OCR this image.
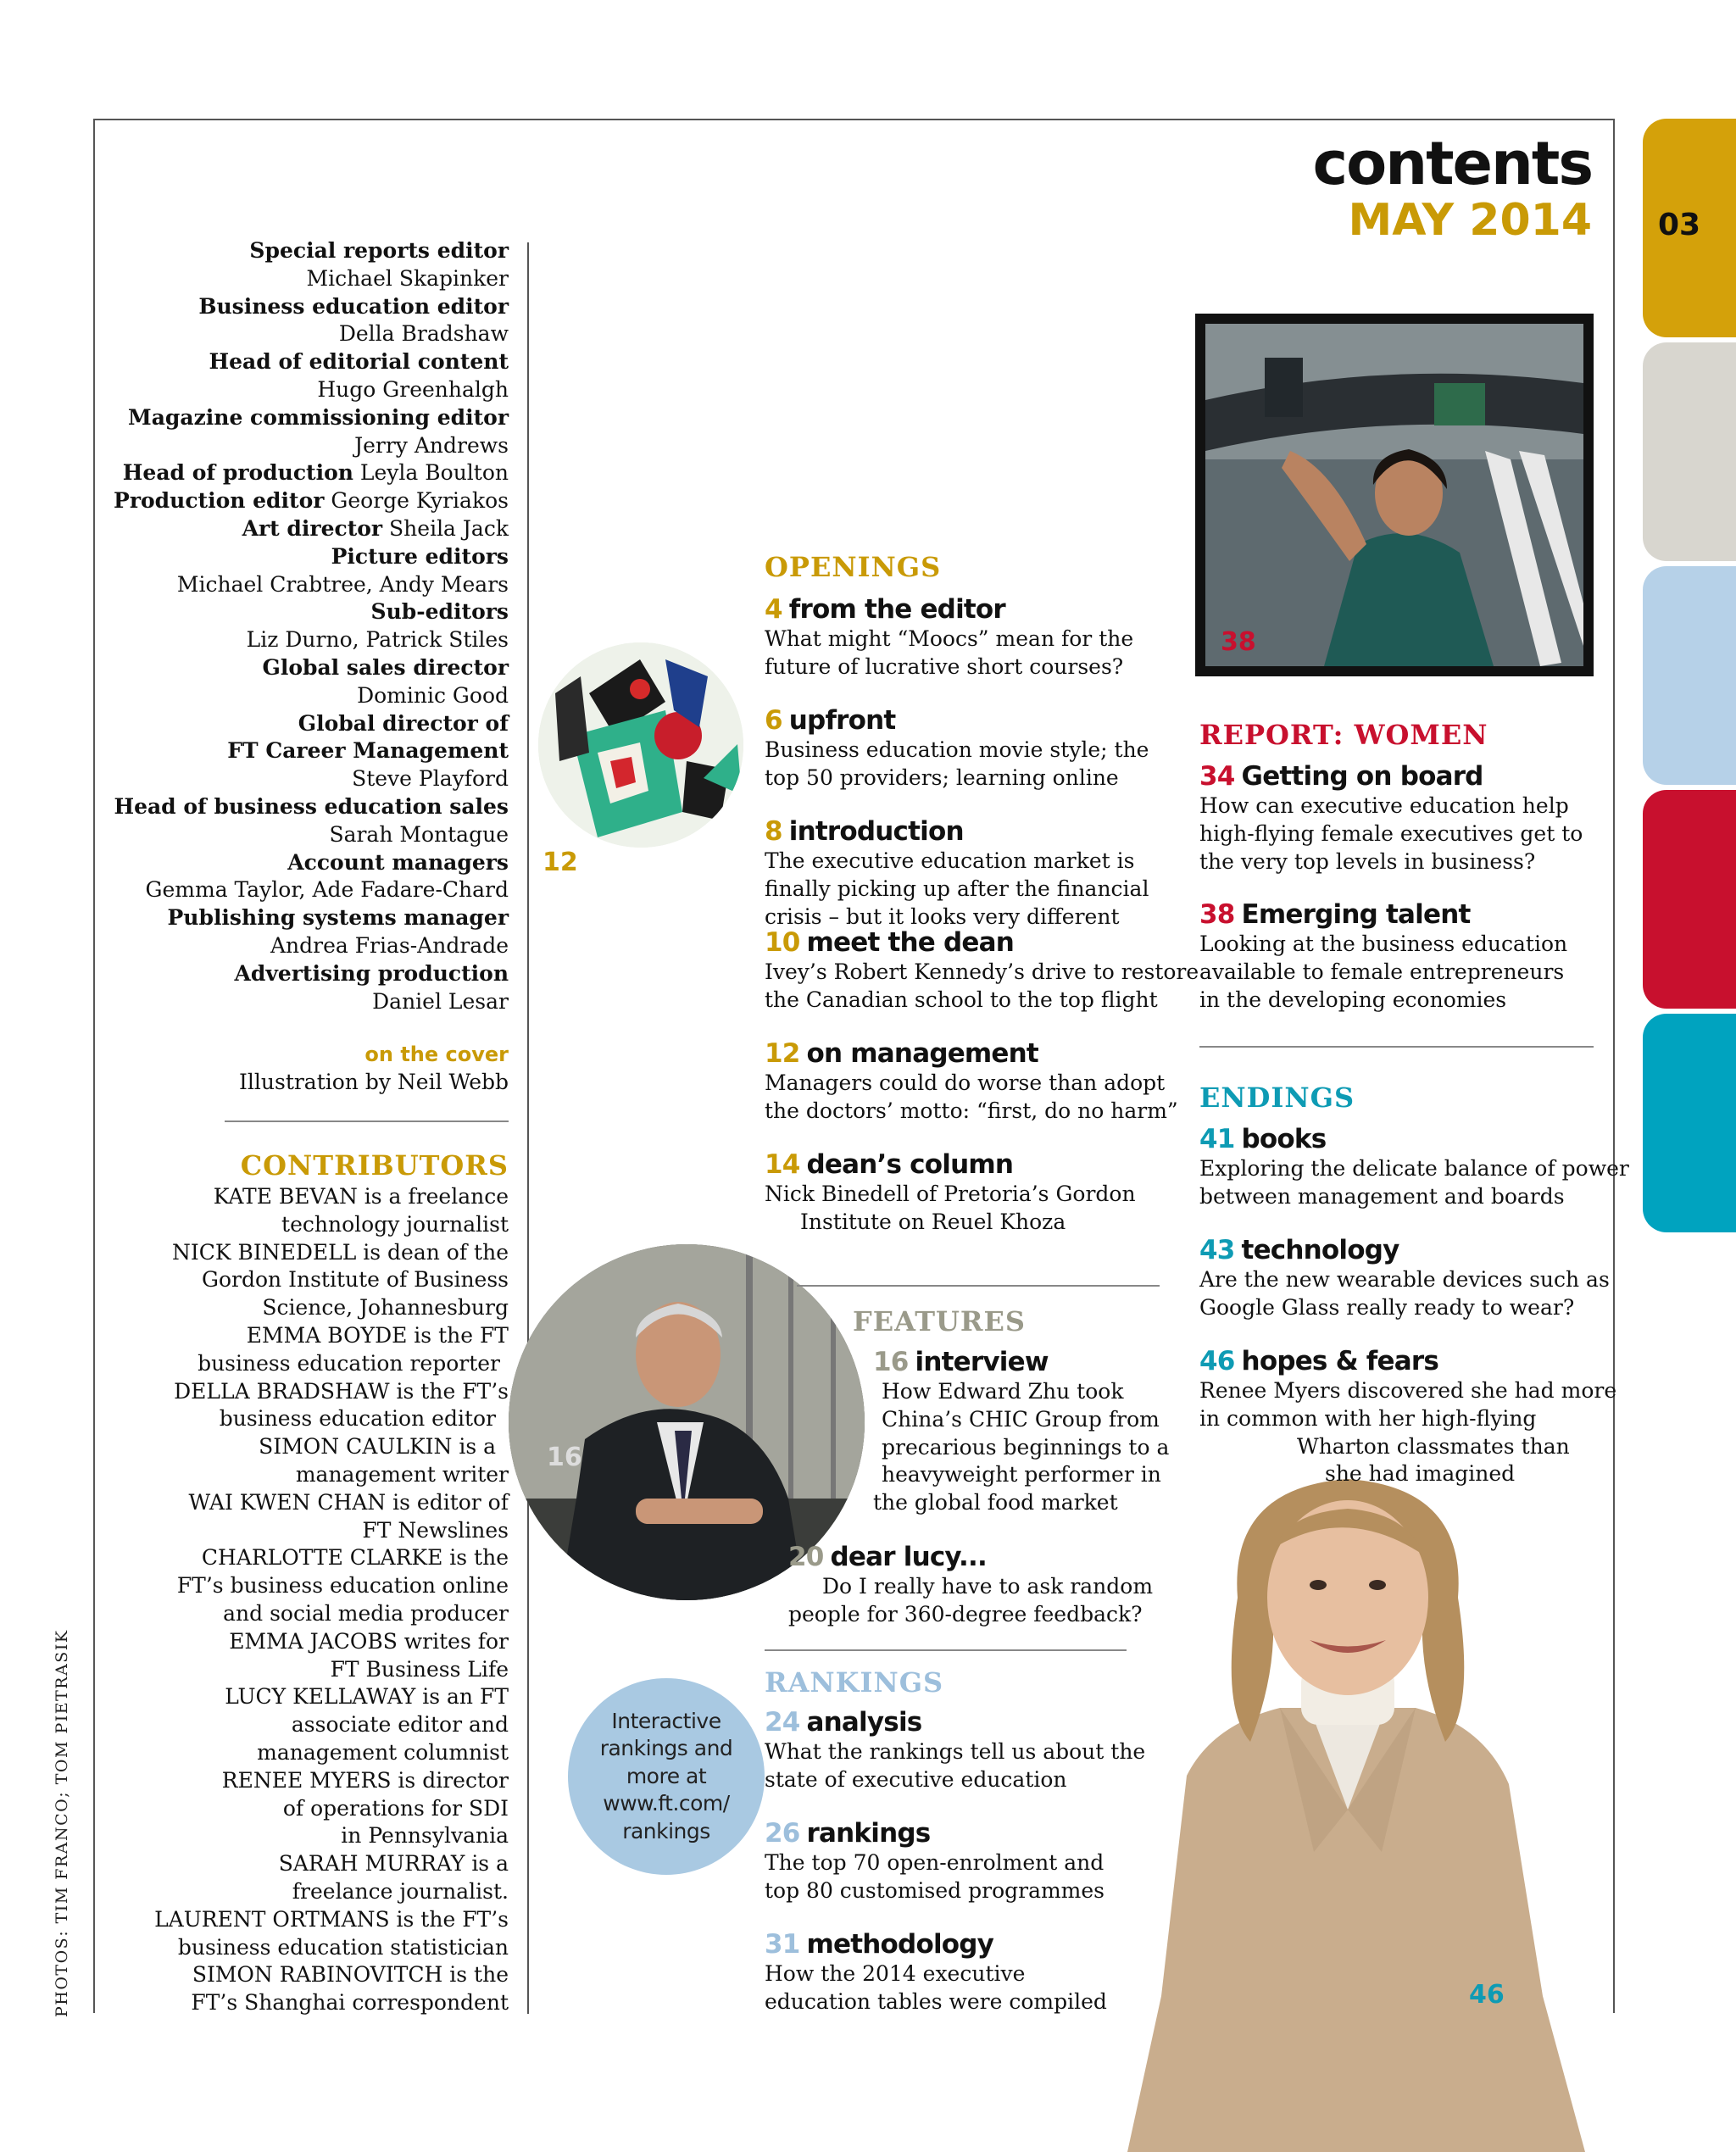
contents
MAY 2014 03
Special reports editor
Michael Skapinker
Business education editor
Della Bradshaw
Head of editorial content
Hugo Greenhalgh
Magazine commissioning editor
Jerry Andrews
Head of production Leyla Boulton
Production editor George Kyriakos
Art director Sheila Jack
Picture editors
Michael Crabtree, Andy Mears
Sub-editors
Liz Durno, Patrick Stiles
Global sales director
Dominic Good
Global director of
FT Career Management
Steve Playford
Head of business education sales
Sarah Montague
Account managers
Gemma Taylor, Ade Fadare-Chard
Publishing systems manager
Andrea Frias-Andrade
Advertising production
Daniel Lesar
on the cover
Illustration by Neil Webb
CONTRIBUTORS
KATE BEVAN is a freelance
technology journalist
NICK BINEDELL is dean of the
Gordon Institute of Business
Science, Johannesburg
EMMA BOYDE is the FT
business education reporter
DELLA BRADSHAW is the FT’s
business education editor
SIMON CAULKIN is a
management writer
WAI KWEN CHAN is editor of
FT Newslines
CHARLOTTE CLARKE is the
FT’s business education online
and social media producer
EMMA JACOBS writes for
FT Business Life
LUCY KELLAWAY is an FT
associate editor and
management columnist
RENEE MYERS is director
of operations for SDI
in Pennsylvania
SARAH MURRAY is a
freelance journalist.
LAURENT ORTMANS is the FT’s
business education statistician
SIMON RABINOVITCH is the
FT’s Shanghai correspondent
PHOTOS: TIM FRANCO; TOM PIETRASIK
12
16
38
46
OPENINGS
4 from the editor
What might “Moocs” mean for the
future of lucrative short courses?
6 upfront
Business education movie style; the
top 50 providers; learning online
8 introduction
The executive education market is
finally picking up after the financial
crisis – but it looks very different
10 meet the dean
Ivey’s Robert Kennedy’s drive to restore
the Canadian school to the top flight
12 on management
Managers could do worse than adopt
the doctors’ motto: “first, do no harm”
14 dean’s column
Nick Binedell of Pretoria’s Gordon
Institute on Reuel Khoza
FEATURES
16 interview
How Edward Zhu took
China’s CHIC Group from
precarious beginnings to a
heavyweight performer in
the global food market
20 dear lucy...
Do I really have to ask random
people for 360-degree feedback?
RANKINGS
Interactive
rankings and
more at
www.ft.com/
rankings
24 analysis
What the rankings tell us about the
state of executive education
26 rankings
The top 70 open-enrolment and
top 80 customised programmes
31 methodology
How the 2014 executive
education tables were compiled
REPORT: WOMEN
34 Getting on board
How can executive education help
high-flying female executives get to
the very top levels in business?
38 Emerging talent
Looking at the business education
available to female entrepreneurs
in the developing economies
ENDINGS
41 books
Exploring the delicate balance of power
between management and boards
43 technology
Are the new wearable devices such as
Google Glass really ready to wear?
46 hopes & fears
Renee Myers discovered she had more
in common with her high-flying
Wharton classmates than
she had imagined
